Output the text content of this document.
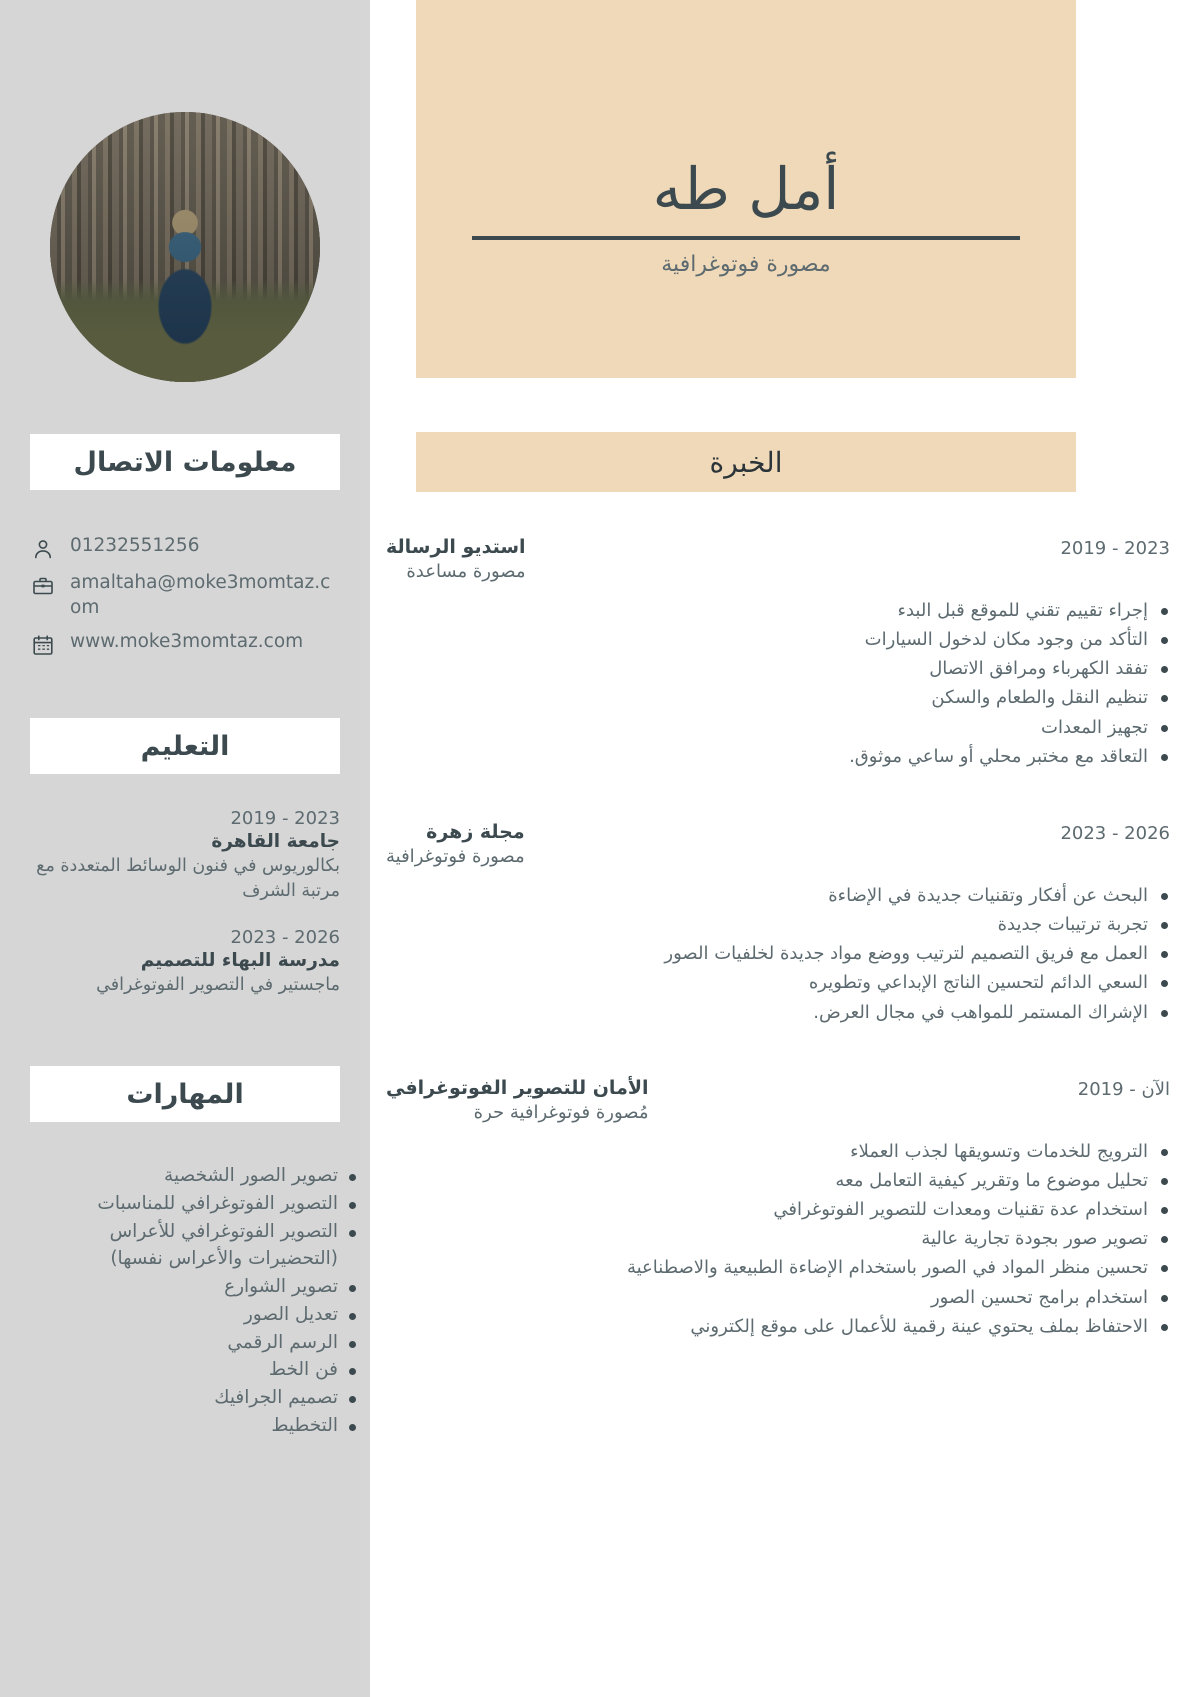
معلومات الاتصال
01232551256
amaltaha@moke3momtaz.com
www.moke3momtaz.com
التعليم
2019 - 2023
جامعة القاهرة
بكالوريوس في فنون الوسائط المتعددة مع مرتبة الشرف
2023 - 2026
مدرسة البهاء للتصميم
ماجستير في التصوير الفوتوغرافي
المهارات
تصوير الصور الشخصية
التصوير الفوتوغرافي للمناسبات
التصوير الفوتوغرافي للأعراس
(التحضيرات والأعراس نفسها)
تصوير الشوارع
تعديل الصور
الرسم الرقمي
فن الخط
تصميم الجرافيك
التخطيط
أمل طه
مصورة فوتوغرافية
الخبرة
2019 - 2023
استديو الرسالة
مصورة مساعدة
إجراء تقييم تقني للموقع قبل البدء
التأكد من وجود مكان لدخول السيارات
تفقد الكهرباء ومرافق الاتصال
تنظيم النقل والطعام والسكن
تجهيز المعدات
التعاقد مع مختبر محلي أو ساعي موثوق.
2023 - 2026
مجلة زهرة
مصورة فوتوغرافية
البحث عن أفكار وتقنيات جديدة في الإضاءة
تجربة ترتيبات جديدة
العمل مع فريق التصميم لترتيب ووضع مواد جديدة لخلفيات الصور
السعي الدائم لتحسين الناتج الإبداعي وتطويره
الإشراك المستمر للمواهب في مجال العرض.
2019 - الآن
الأمان للتصوير الفوتوغرافي
مُصورة فوتوغرافية حرة
الترويج للخدمات وتسويقها لجذب العملاء
تحليل موضوع ما وتقرير كيفية التعامل معه
استخدام عدة تقنيات ومعدات للتصوير الفوتوغرافي
تصوير صور بجودة تجارية عالية
تحسين منظر المواد في الصور باستخدام الإضاءة الطبيعية والاصطناعية
استخدام برامج تحسين الصور
الاحتفاظ بملف يحتوي عينة رقمية للأعمال على موقع إلكتروني
